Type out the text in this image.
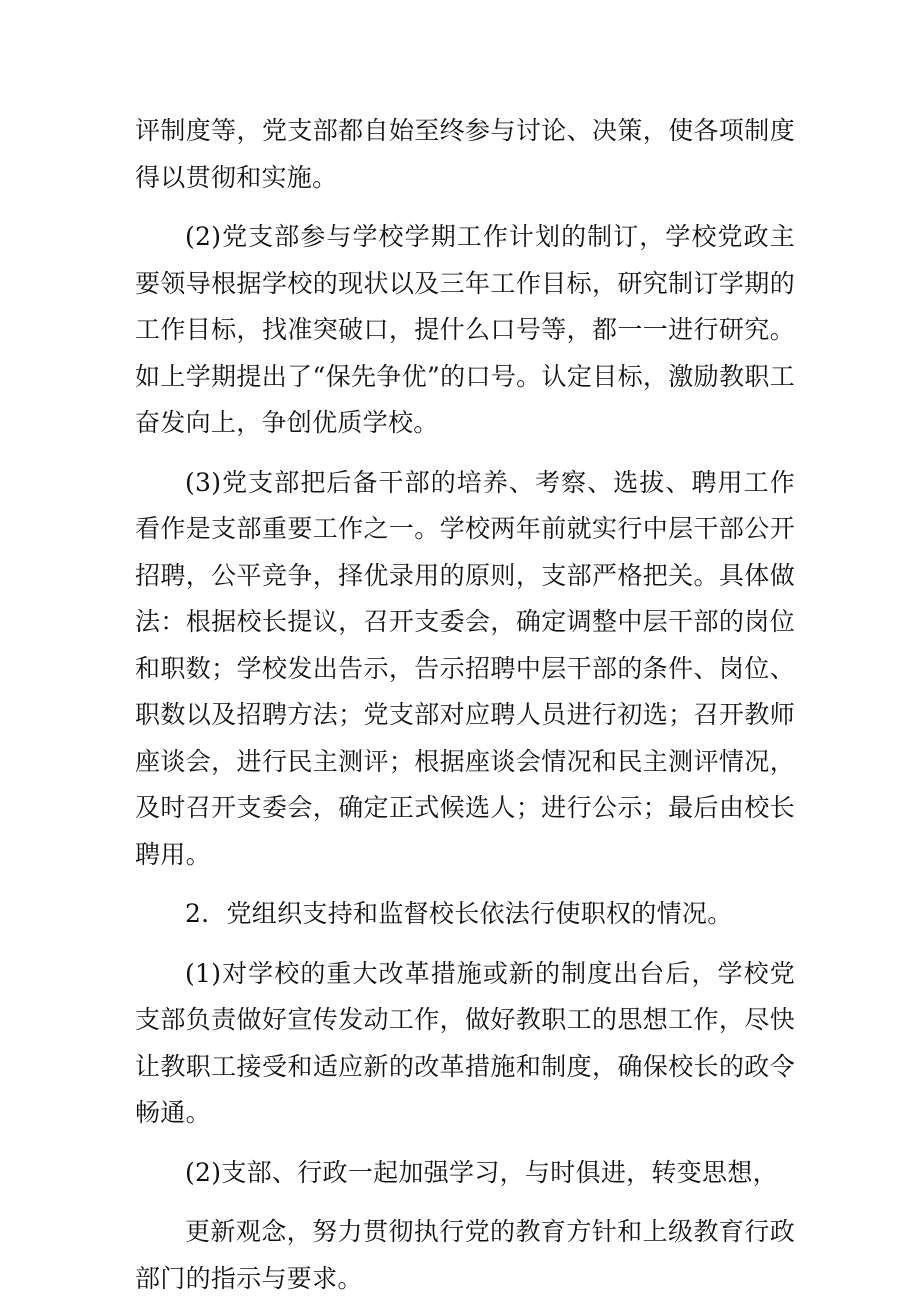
评制度等，党支部都自始至终参与讨论、决策，使各项制度得以贯彻和实施。

(2)党支部参与学校学期工作计划的制订，学校党政主要领导根据学校的现状以及三年工作目标，研究制订学期的工作目标，找准突破口，提什么口号等，都一一进行研究。如上学期提出了“保先争优”的口号。认定目标，激励教职工奋发向上，争创优质学校。

(3)党支部把后备干部的培养、考察、选拔、聘用工作看作是支部重要工作之一。学校两年前就实行中层干部公开招聘，公平竞争，择优录用的原则，支部严格把关。具体做法：根据校长提议，召开支委会，确定调整中层干部的岗位和职数；学校发出告示，告示招聘中层干部的条件、岗位、职数以及招聘方法；党支部对应聘人员进行初选；召开教师座谈会，进行民主测评；根据座谈会情况和民主测评情况，及时召开支委会，确定正式候选人；进行公示；最后由校长聘用。

2．党组织支持和监督校长依法行使职权的情况。

(1)对学校的重大改革措施或新的制度出台后，学校党支部负责做好宣传发动工作，做好教职工的思想工作，尽快让教职工接受和适应新的改革措施和制度，确保校长的政令畅通。

(2)支部、行政一起加强学习，与时俱进，转变思想，

更新观念，努力贯彻执行党的教育方针和上级教育行政部门的指示与要求。
